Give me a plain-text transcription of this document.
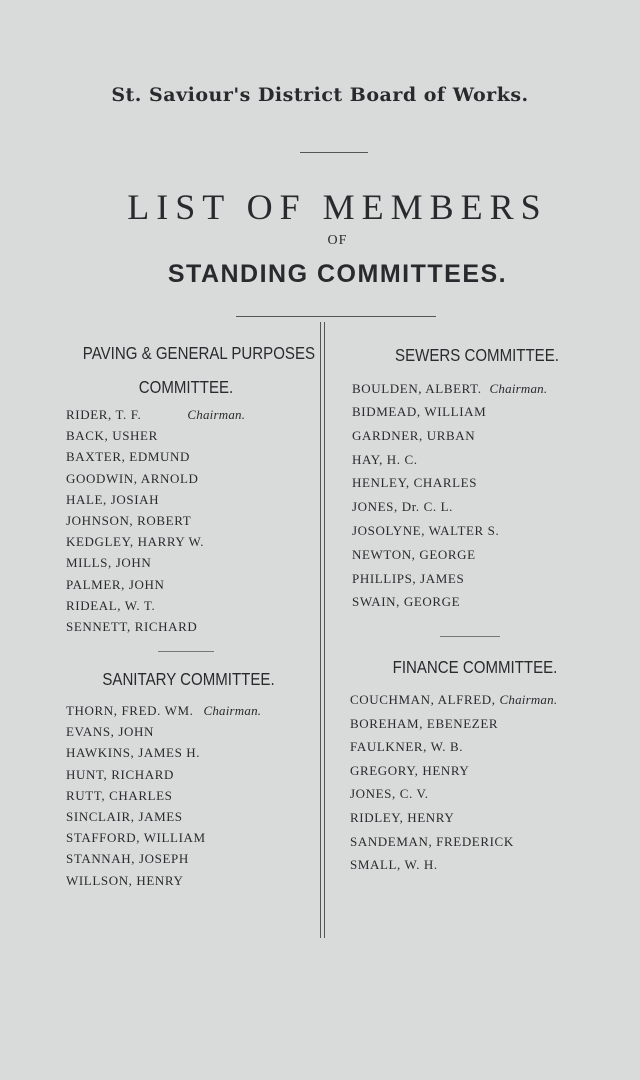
St. Saviour's District Board of Works.
LIST OF MEMBERS
OF
STANDING COMMITTEES.
PAVING & GENERAL PURPOSES
COMMITTEE.
RIDER, T. F.	Chairman.
BACK, USHER
BAXTER, EDMUND
GOODWIN, ARNOLD
HALE, JOSIAH
JOHNSON, ROBERT
KEDGLEY, HARRY W.
MILLS, JOHN
PALMER, JOHN
RIDEAL, W. T.
SENNETT, RICHARD
SEWERS COMMITTEE.
BOULDEN, ALBERT. Chairman.
BIDMEAD, WILLIAM
GARDNER, URBAN
HAY, H. C.
HENLEY, CHARLES
JONES, Dr. C. L.
JOSOLYNE, WALTER S.
NEWTON, GEORGE
PHILLIPS, JAMES
SWAIN, GEORGE
SANITARY COMMITTEE.
THORN, FRED. WM. Chairman.
EVANS, JOHN
HAWKINS, JAMES H.
HUNT, RICHARD
RUTT, CHARLES
SINCLAIR, JAMES
STAFFORD, WILLIAM
STANNAH, JOSEPH
WILLSON, HENRY
FINANCE COMMITTEE.
COUCHMAN, ALFRED, Chairman.
BOREHAM, EBENEZER
FAULKNER, W. B.
GREGORY, HENRY
JONES, C. V.
RIDLEY, HENRY
SANDEMAN, FREDERICK
SMALL, W. H.
